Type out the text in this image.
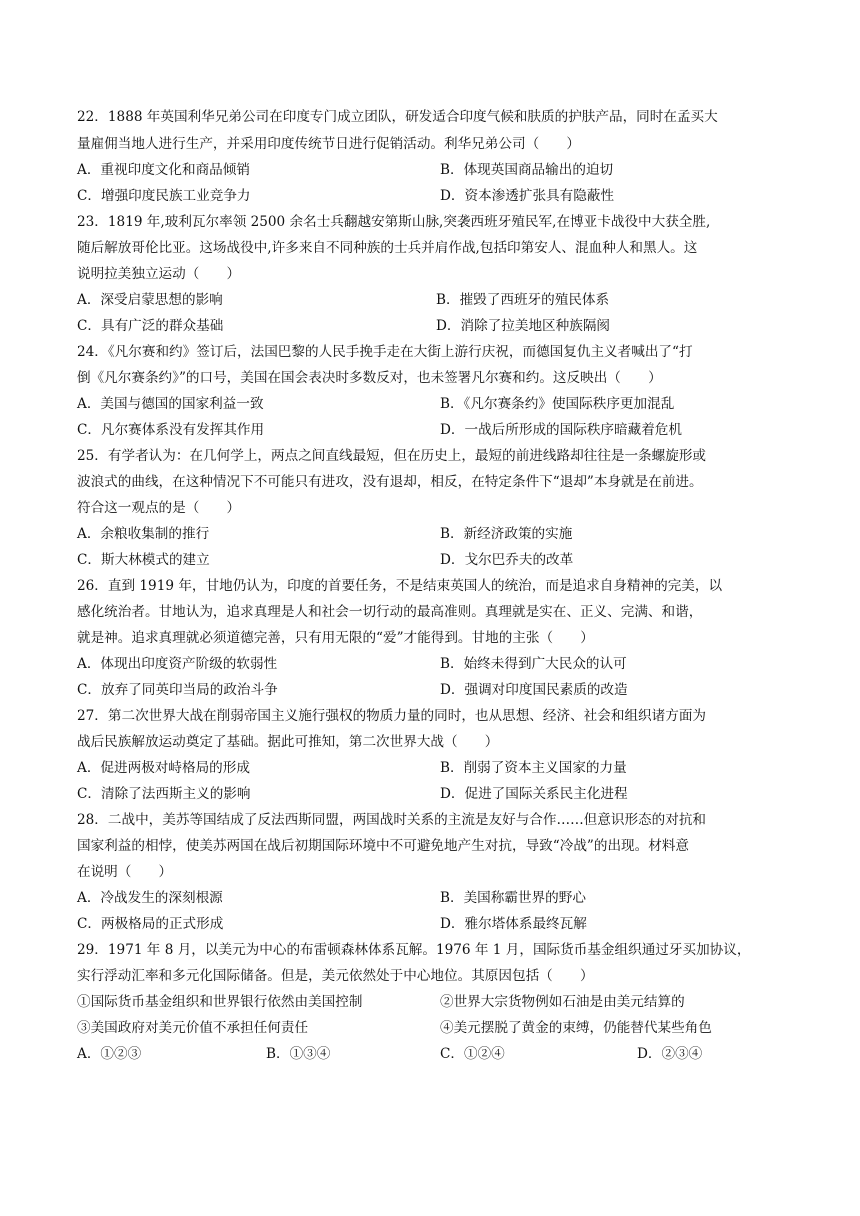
22．1888 年英国利华兄弟公司在印度专门成立团队，研发适合印度气候和肤质的护肤产品，同时在孟买大
量雇佣当地人进行生产，并采用印度传统节日进行促销活动。利华兄弟公司（　　）
A．重视印度文化和商品倾销	B．体现英国商品输出的迫切
C．增强印度民族工业竞争力	D．资本渗透扩张具有隐蔽性
23．1819 年,玻利瓦尔率领 2500 余名士兵翻越安第斯山脉,突袭西班牙殖民军,在博亚卡战役中大获全胜,
随后解放哥伦比亚。这场战役中,许多来自不同种族的士兵并肩作战,包括印第安人、混血种人和黑人。这
说明拉美独立运动（　　）
A．深受启蒙思想的影响	B．摧毁了西班牙的殖民体系
C．具有广泛的群众基础	D．消除了拉美地区种族隔阂
24．《凡尔赛和约》签订后，法国巴黎的人民手挽手走在大街上游行庆祝，而德国复仇主义者喊出了“打
倒《凡尔赛条约》”的口号，美国在国会表决时多数反对，也未签署凡尔赛和约。这反映出（　　）
A．美国与德国的国家利益一致	B．《凡尔赛条约》使国际秩序更加混乱
C．凡尔赛体系没有发挥其作用	D．一战后所形成的国际秩序暗藏着危机
25．有学者认为：在几何学上，两点之间直线最短，但在历史上，最短的前进线路却往往是一条螺旋形或
波浪式的曲线，在这种情况下不可能只有进攻，没有退却，相反，在特定条件下“退却”本身就是在前进。
符合这一观点的是（　　）
A．余粮收集制的推行	B．新经济政策的实施
C．斯大林模式的建立	D．戈尔巴乔夫的改革
26．直到 1919 年，甘地仍认为，印度的首要任务，不是结束英国人的统治，而是追求自身精神的完美，以
感化统治者。甘地认为，追求真理是人和社会一切行动的最高准则。真理就是实在、正义、完满、和谐，
就是神。追求真理就必须道德完善，只有用无限的“爱”才能得到。甘地的主张（　　）
A．体现出印度资产阶级的软弱性	B．始终未得到广大民众的认可
C．放弃了同英印当局的政治斗争	D．强调对印度国民素质的改造
27．第二次世界大战在削弱帝国主义施行强权的物质力量的同时，也从思想、经济、社会和组织诸方面为
战后民族解放运动奠定了基础。据此可推知，第二次世界大战（　　）
A．促进两极对峙格局的形成	B．削弱了资本主义国家的力量
C．清除了法西斯主义的影响	D．促进了国际关系民主化进程
28．二战中，美苏等国结成了反法西斯同盟，两国战时关系的主流是友好与合作……但意识形态的对抗和
国家利益的相悖，使美苏两国在战后初期国际环境中不可避免地产生对抗，导致“冷战”的出现。材料意
在说明（　　）
A．冷战发生的深刻根源	B．美国称霸世界的野心
C．两极格局的正式形成	D．雅尔塔体系最终瓦解
29．1971 年 8 月，以美元为中心的布雷顿森林体系瓦解。1976 年 1 月，国际货币基金组织通过牙买加协议，
实行浮动汇率和多元化国际储备。但是，美元依然处于中心地位。其原因包括（　　）
①国际货币基金组织和世界银行依然由美国控制	②世界大宗货物例如石油是由美元结算的
③美国政府对美元价值不承担任何责任	④美元摆脱了黄金的束缚，仍能替代某些角色
A．①②③	B．①③④	C．①②④	D．②③④
